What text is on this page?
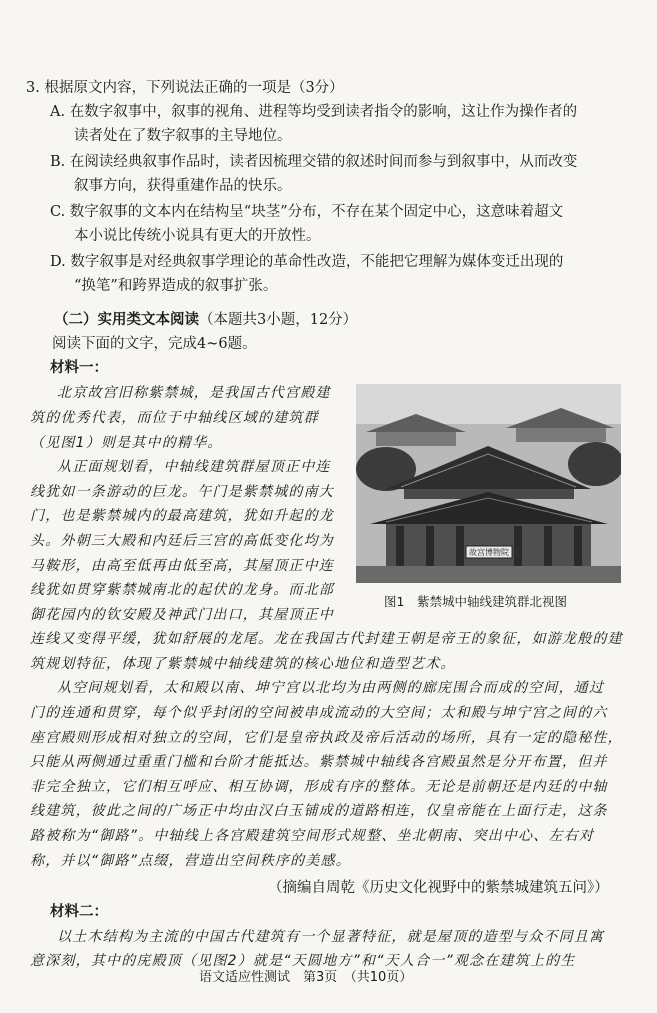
3. 根据原文内容，下列说法正确的一项是（3分）
A. 在数字叙事中，叙事的视角、进程等均受到读者指令的影响，这让作为操作者的
读者处在了数字叙事的主导地位。
B. 在阅读经典叙事作品时，读者因梳理交错的叙述时间而参与到叙事中，从而改变
叙事方向，获得重建作品的快乐。
C. 数字叙事的文本内在结构呈“块茎”分布，不存在某个固定中心，这意味着超文
本小说比传统小说具有更大的开放性。
D. 数字叙事是对经典叙事学理论的革命性改造，不能把它理解为媒体变迁出现的
“换笔”和跨界造成的叙事扩张。
（二）实用类文本阅读（本题共3小题，12分）
阅读下面的文字，完成4~6题。
材料一：
北京故宫旧称紫禁城，是我国古代宫殿建
筑的优秀代表，而位于中轴线区域的建筑群
（见图1）则是其中的精华。
从正面规划看，中轴线建筑群屋顶正中连
线犹如一条游动的巨龙。午门是紫禁城的南大
门，也是紫禁城内的最高建筑，犹如升起的龙
头。外朝三大殿和内廷后三宫的高低变化均为
马鞍形，由高至低再由低至高，其屋顶正中连
线犹如贯穿紫禁城南北的起伏的龙身。而北部
御花园内的钦安殿及神武门出口，其屋顶正中
连线又变得平缓，犹如舒展的龙尾。龙在我国古代封建王朝是帝王的象征，如游龙般的建
筑规划特征，体现了紫禁城中轴线建筑的核心地位和造型艺术。
从空间规划看，太和殿以南、坤宁宫以北均为由两侧的廊庑围合而成的空间，通过
门的连通和贯穿，每个似乎封闭的空间被串成流动的大空间；太和殿与坤宁宫之间的六
座宫殿则形成相对独立的空间，它们是皇帝执政及帝后活动的场所，具有一定的隐秘性，
只能从两侧通过重重门槛和台阶才能抵达。紫禁城中轴线各宫殿虽然是分开布置，但并
非完全独立，它们相互呼应、相互协调，形成有序的整体。无论是前朝还是内廷的中轴
线建筑，彼此之间的广场正中均由汉白玉铺成的道路相连，仅皇帝能在上面行走，这条
路被称为“御路”。中轴线上各宫殿建筑空间形式规整、坐北朝南、突出中心、左右对
称，并以“御路”点缀，营造出空间秩序的美感。
故宫博物院
图1　紫禁城中轴线建筑群北视图
（摘编自周乾《历史文化视野中的紫禁城建筑五问》）
材料二：
以土木结构为主流的中国古代建筑有一个显著特征，就是屋顶的造型与众不同且寓
意深刻，其中的庑殿顶（见图2）就是“天圆地方”和“天人合一”观念在建筑上的生
语文适应性测试　第3页　（共10页）
